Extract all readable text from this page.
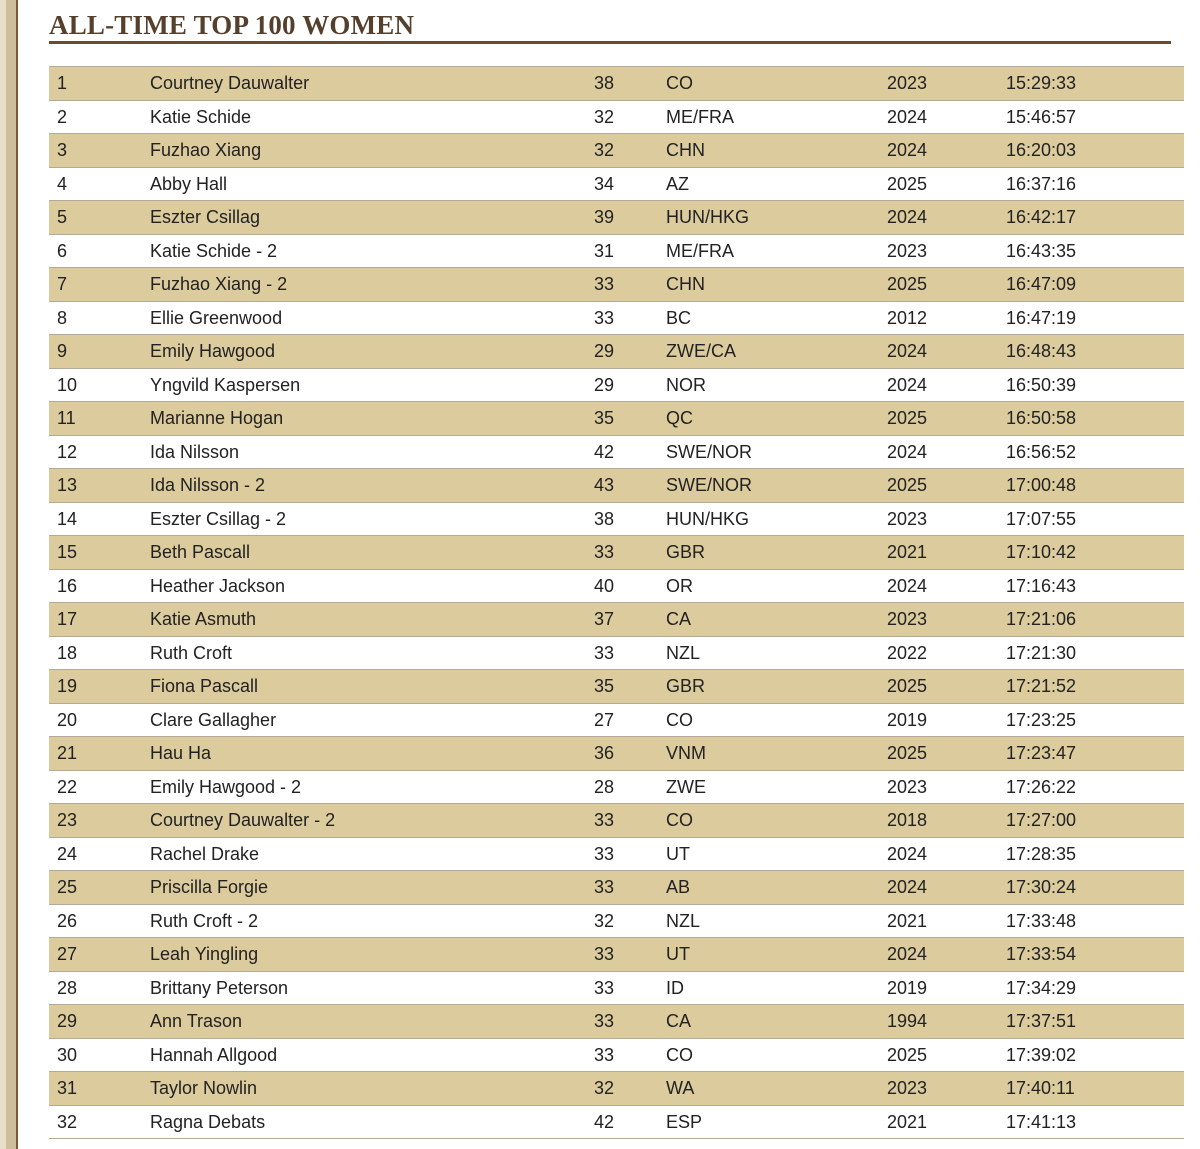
ALL-TIME TOP 100 WOMEN
1	Courtney Dauwalter	38	CO	2023	15:29:33
2	Katie Schide	32	ME/FRA	2024	15:46:57
3	Fuzhao Xiang	32	CHN	2024	16:20:03
4	Abby Hall	34	AZ	2025	16:37:16
5	Eszter Csillag	39	HUN/HKG	2024	16:42:17
6	Katie Schide - 2	31	ME/FRA	2023	16:43:35
7	Fuzhao Xiang - 2	33	CHN	2025	16:47:09
8	Ellie Greenwood	33	BC	2012	16:47:19
9	Emily Hawgood	29	ZWE/CA	2024	16:48:43
10	Yngvild Kaspersen	29	NOR	2024	16:50:39
11	Marianne Hogan	35	QC	2025	16:50:58
12	Ida Nilsson	42	SWE/NOR	2024	16:56:52
13	Ida Nilsson - 2	43	SWE/NOR	2025	17:00:48
14	Eszter Csillag - 2	38	HUN/HKG	2023	17:07:55
15	Beth Pascall	33	GBR	2021	17:10:42
16	Heather Jackson	40	OR	2024	17:16:43
17	Katie Asmuth	37	CA	2023	17:21:06
18	Ruth Croft	33	NZL	2022	17:21:30
19	Fiona Pascall	35	GBR	2025	17:21:52
20	Clare Gallagher	27	CO	2019	17:23:25
21	Hau Ha	36	VNM	2025	17:23:47
22	Emily Hawgood - 2	28	ZWE	2023	17:26:22
23	Courtney Dauwalter - 2	33	CO	2018	17:27:00
24	Rachel Drake	33	UT	2024	17:28:35
25	Priscilla Forgie	33	AB	2024	17:30:24
26	Ruth Croft - 2	32	NZL	2021	17:33:48
27	Leah Yingling	33	UT	2024	17:33:54
28	Brittany Peterson	33	ID	2019	17:34:29
29	Ann Trason	33	CA	1994	17:37:51
30	Hannah Allgood	33	CO	2025	17:39:02
31	Taylor Nowlin	32	WA	2023	17:40:11
32	Ragna Debats	42	ESP	2021	17:41:13
